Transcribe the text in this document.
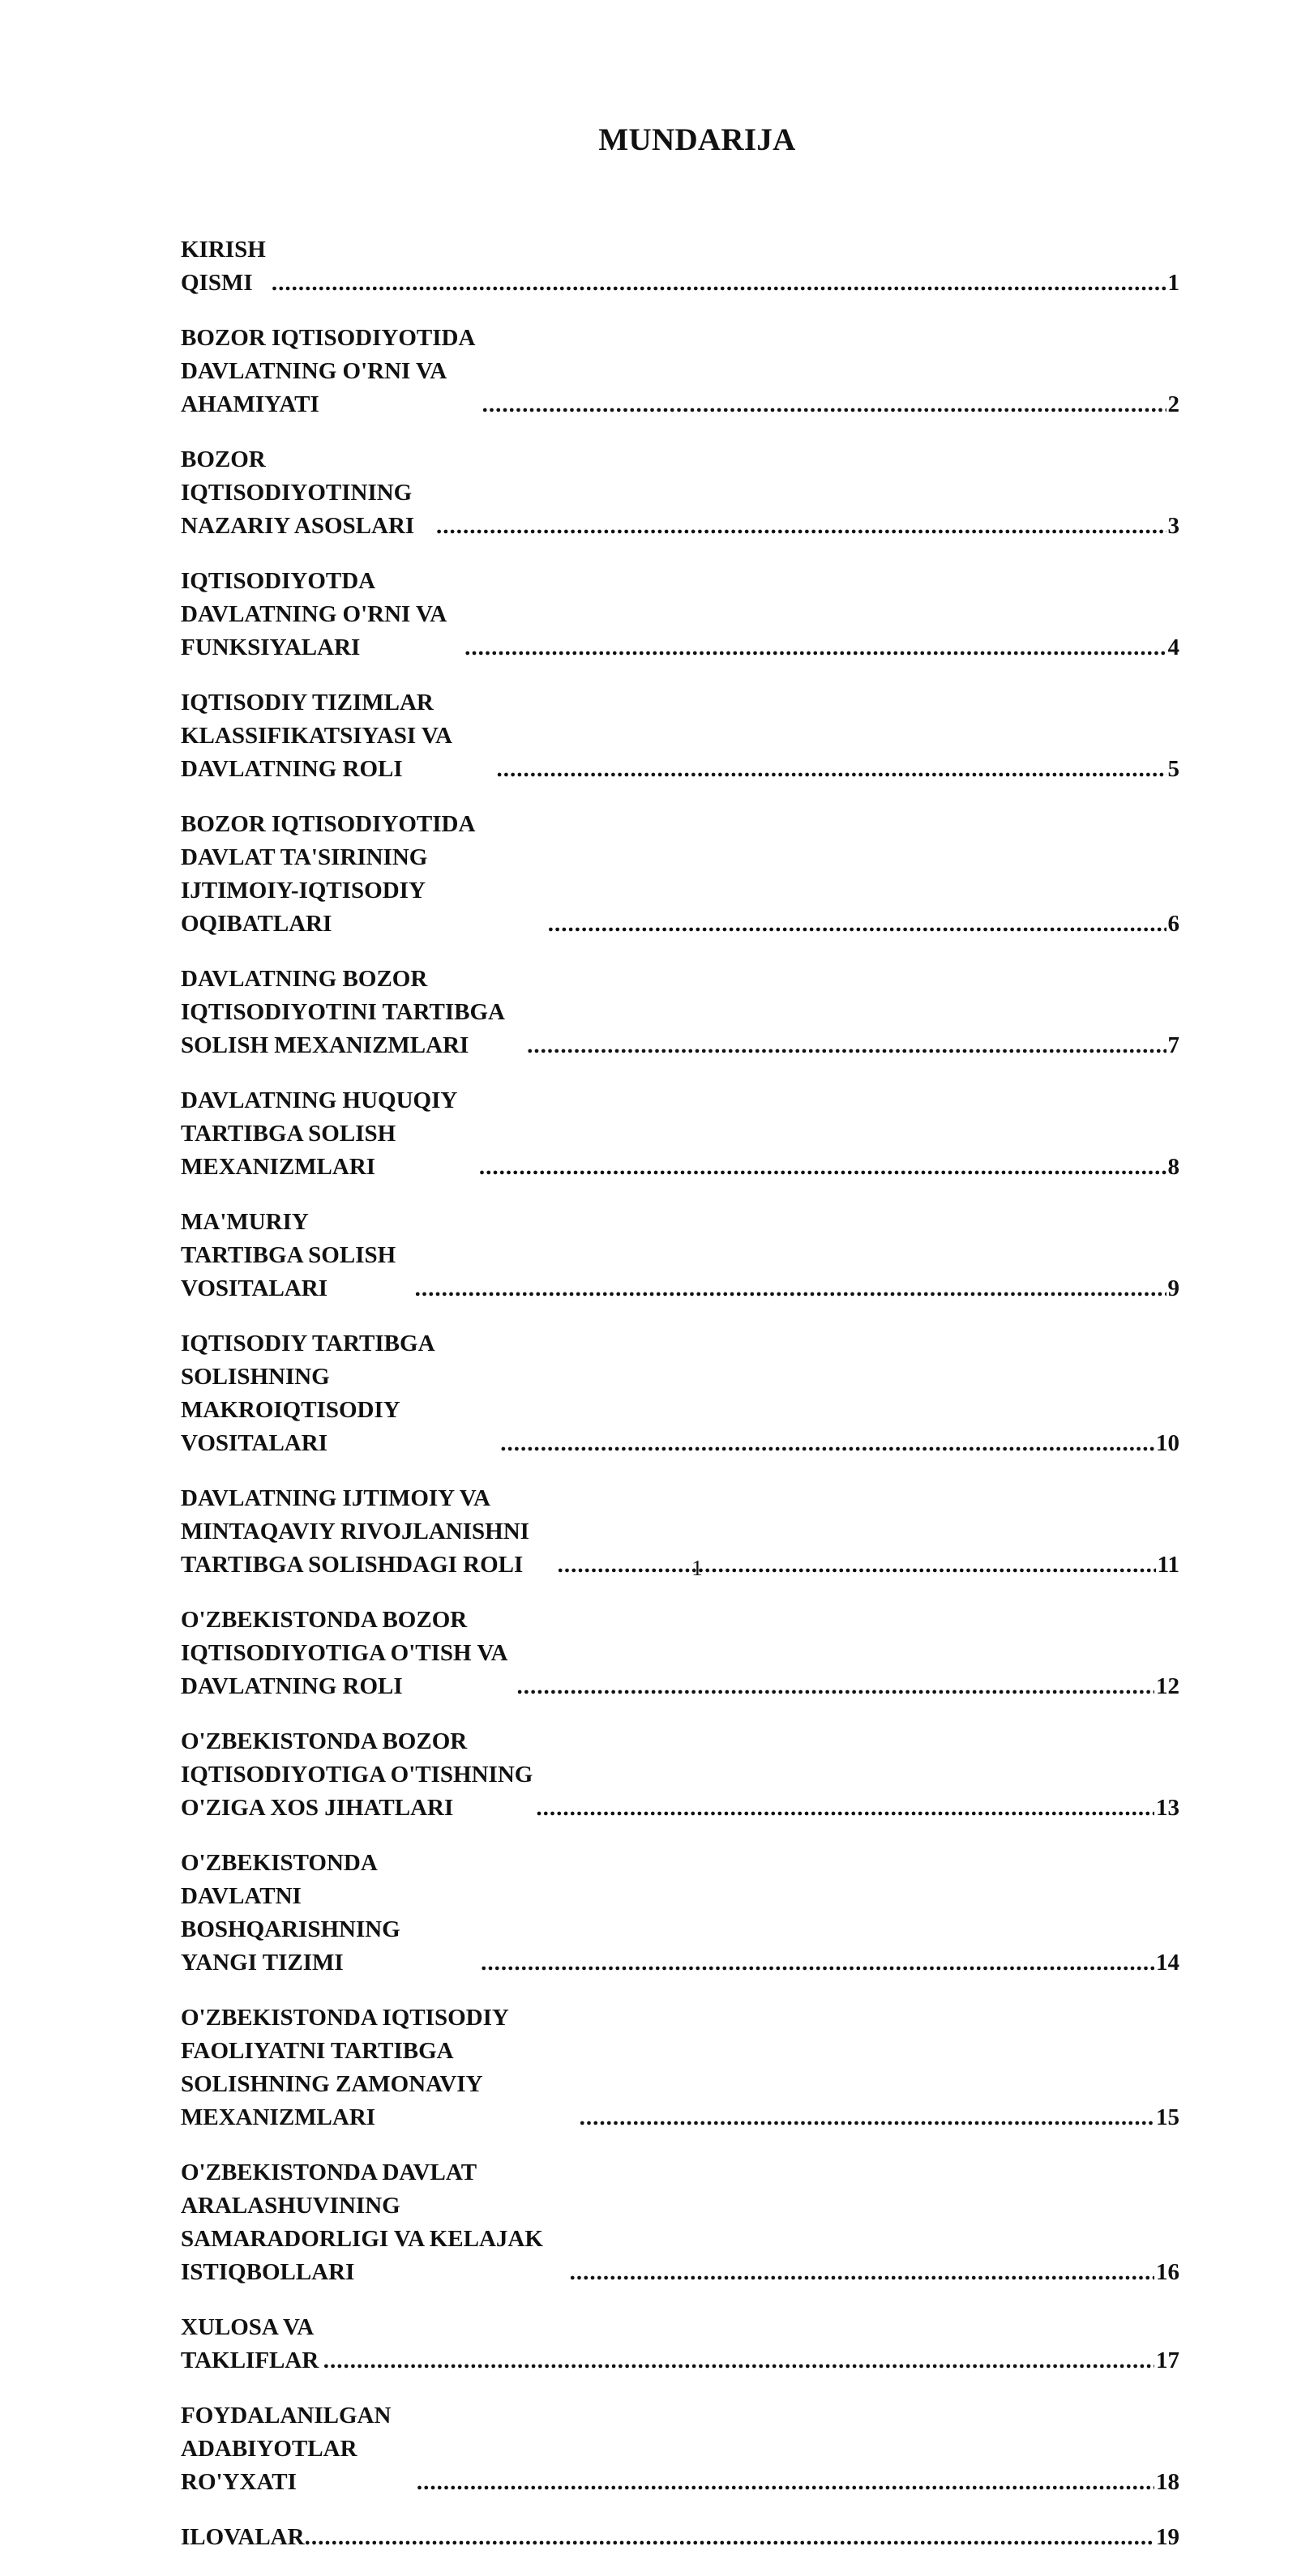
MUNDARIJA
KIRISH QISMI .....	1
BOZOR IQTISODIYOTIDA DAVLATNING O'RNI VA AHAMIYATI .....	2
BOZOR IQTISODIYOTINING NAZARIY ASOSLARI .....	3
IQTISODIYOTDA DAVLATNING O'RNI VA FUNKSIYALARI .....	4
IQTISODIY TIZIMLAR KLASSIFIKATSIYASI VA DAVLATNING ROLI .....	5
BOZOR IQTISODIYOTIDA DAVLAT TA'SIRINING IJTIMOIY-IQTISODIY OQIBATLARI .....	6
DAVLATNING BOZOR IQTISODIYOTINI TARTIBGA SOLISH MEXANIZMLARI .....	7
DAVLATNING HUQUQIY TARTIBGA SOLISH MEXANIZMLARI .....	8
MA'MURIY TARTIBGA SOLISH VOSITALARI .....	9
IQTISODIY TARTIBGA SOLISHNING MAKROIQTISODIY VOSITALARI .....	10
DAVLATNING IJTIMOIY VA MINTAQAVIY RIVOJLANISHNI TARTIBGA SOLISHDAGI ROLI .....	11
O'ZBEKISTONDA BOZOR IQTISODIYOTIGA O'TISH VA DAVLATNING ROLI .....	12
O'ZBEKISTONDA BOZOR IQTISODIYOTIGA O'TISHNING O'ZIGA XOS JIHATLARI .....	13
O'ZBEKISTONDA DAVLATNI BOSHQARISHNING YANGI TIZIMI .....	14
O'ZBEKISTONDA IQTISODIY FAOLIYATNI TARTIBGA SOLISHNING ZAMONAVIY MEXANIZMLARI .....	15
O'ZBEKISTONDA DAVLAT ARALASHUVINING SAMARADORLIGI VA KELAJAK ISTIQBOLLARI .....	16
XULOSA VA TAKLIFLAR .....	17
FOYDALANILGAN ADABIYOTLAR RO'YXATI .....	18
ILOVALAR .....	19
1
